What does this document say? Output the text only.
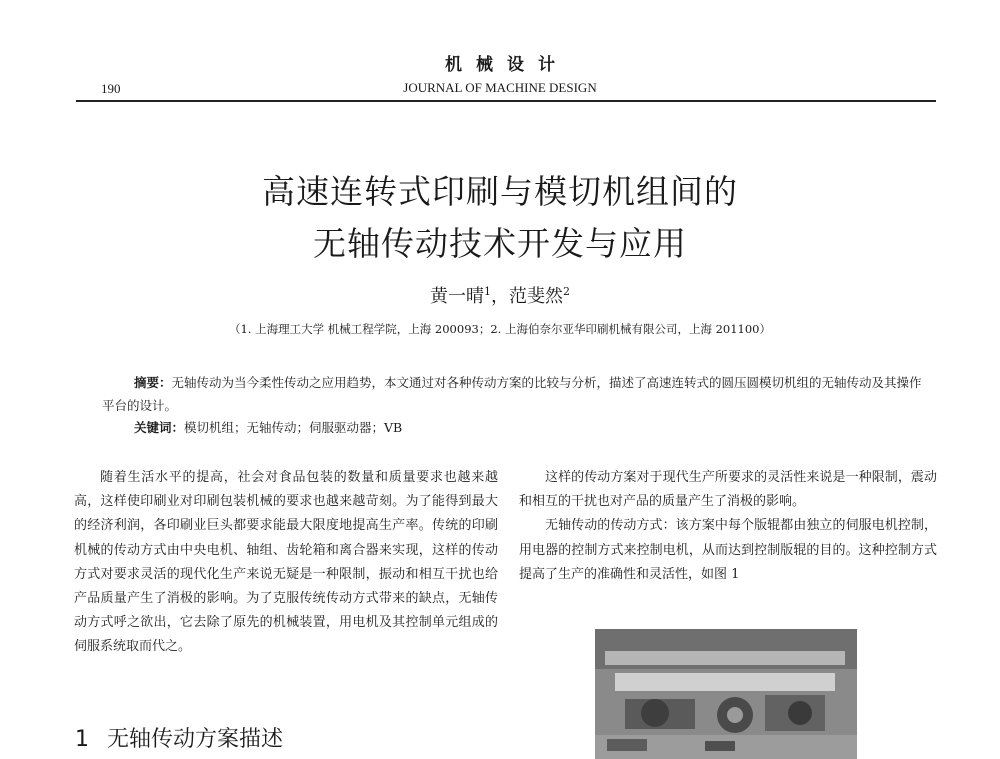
机械设计
190	JOURNAL OF MACHINE DESIGN
高速连转式印刷与模切机组间的
无轴传动技术开发与应用
黄一晴$^1$，范斐然$^2$
（1. 上海理工大学 机械工程学院，上海 200093；2. 上海伯奈尔亚华印刷机械有限公司，上海 201100）
摘要：无轴传动为当今柔性传动之应用趋势，本文通过对各种传动方案的比较与分析，描述了高速连转式的圆压圆模切机组的无轴传动及其操作平台的设计。
关键词：模切机组；无轴传动；伺服驱动器；VB

随着生活水平的提高，社会对食品包装的数量和质量要求也越来越高，这样使印刷业对印刷包装机械的要求也越来越苛刻。为了能得到最大的经济利润，各印刷业巨头都要求能最大限度地提高生产率。传统的印刷机械的传动方式由中央电机、轴组、齿轮箱和离合器来实现，这样的传动方式对要求灵活的现代化生产来说无疑是一种限制，振动和相互干扰也给产品质量产生了消极的影响。为了克服传统传动方式带来的缺点，无轴传动方式呼之欲出，它去除了原先的机械装置，用电机及其控制单元组成的伺服系统取而代之。

这样的传动方案对于现代生产所要求的灵活性来说是一种限制，震动和相互的干扰也对产品的质量产生了消极的影响。

无轴传动的传动方式：该方案中每个版辊都由独立的伺服电机控制，用电器的控制方式来控制电机，从而达到控制版辊的目的。这种控制方式提高了生产的准确性和灵活性，如图 1

1 无轴传动方案描述
